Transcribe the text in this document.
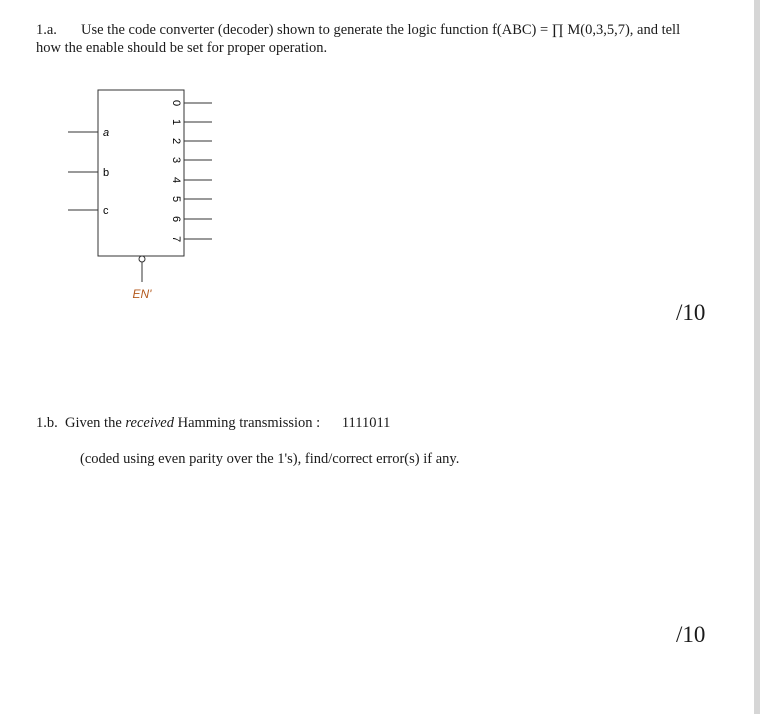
1.a. Use the code converter (decoder) shown to generate the logic function f(ABC) = ∏ M(0,3,5,7), and tell
how the enable should be set for proper operation.
a
b
c
0
1
2
3
4
5
6
7
EN'
/10
1.b. Given the received Hamming transmission : 1111011
(coded using even parity over the 1's), find/correct error(s) if any.
/10
